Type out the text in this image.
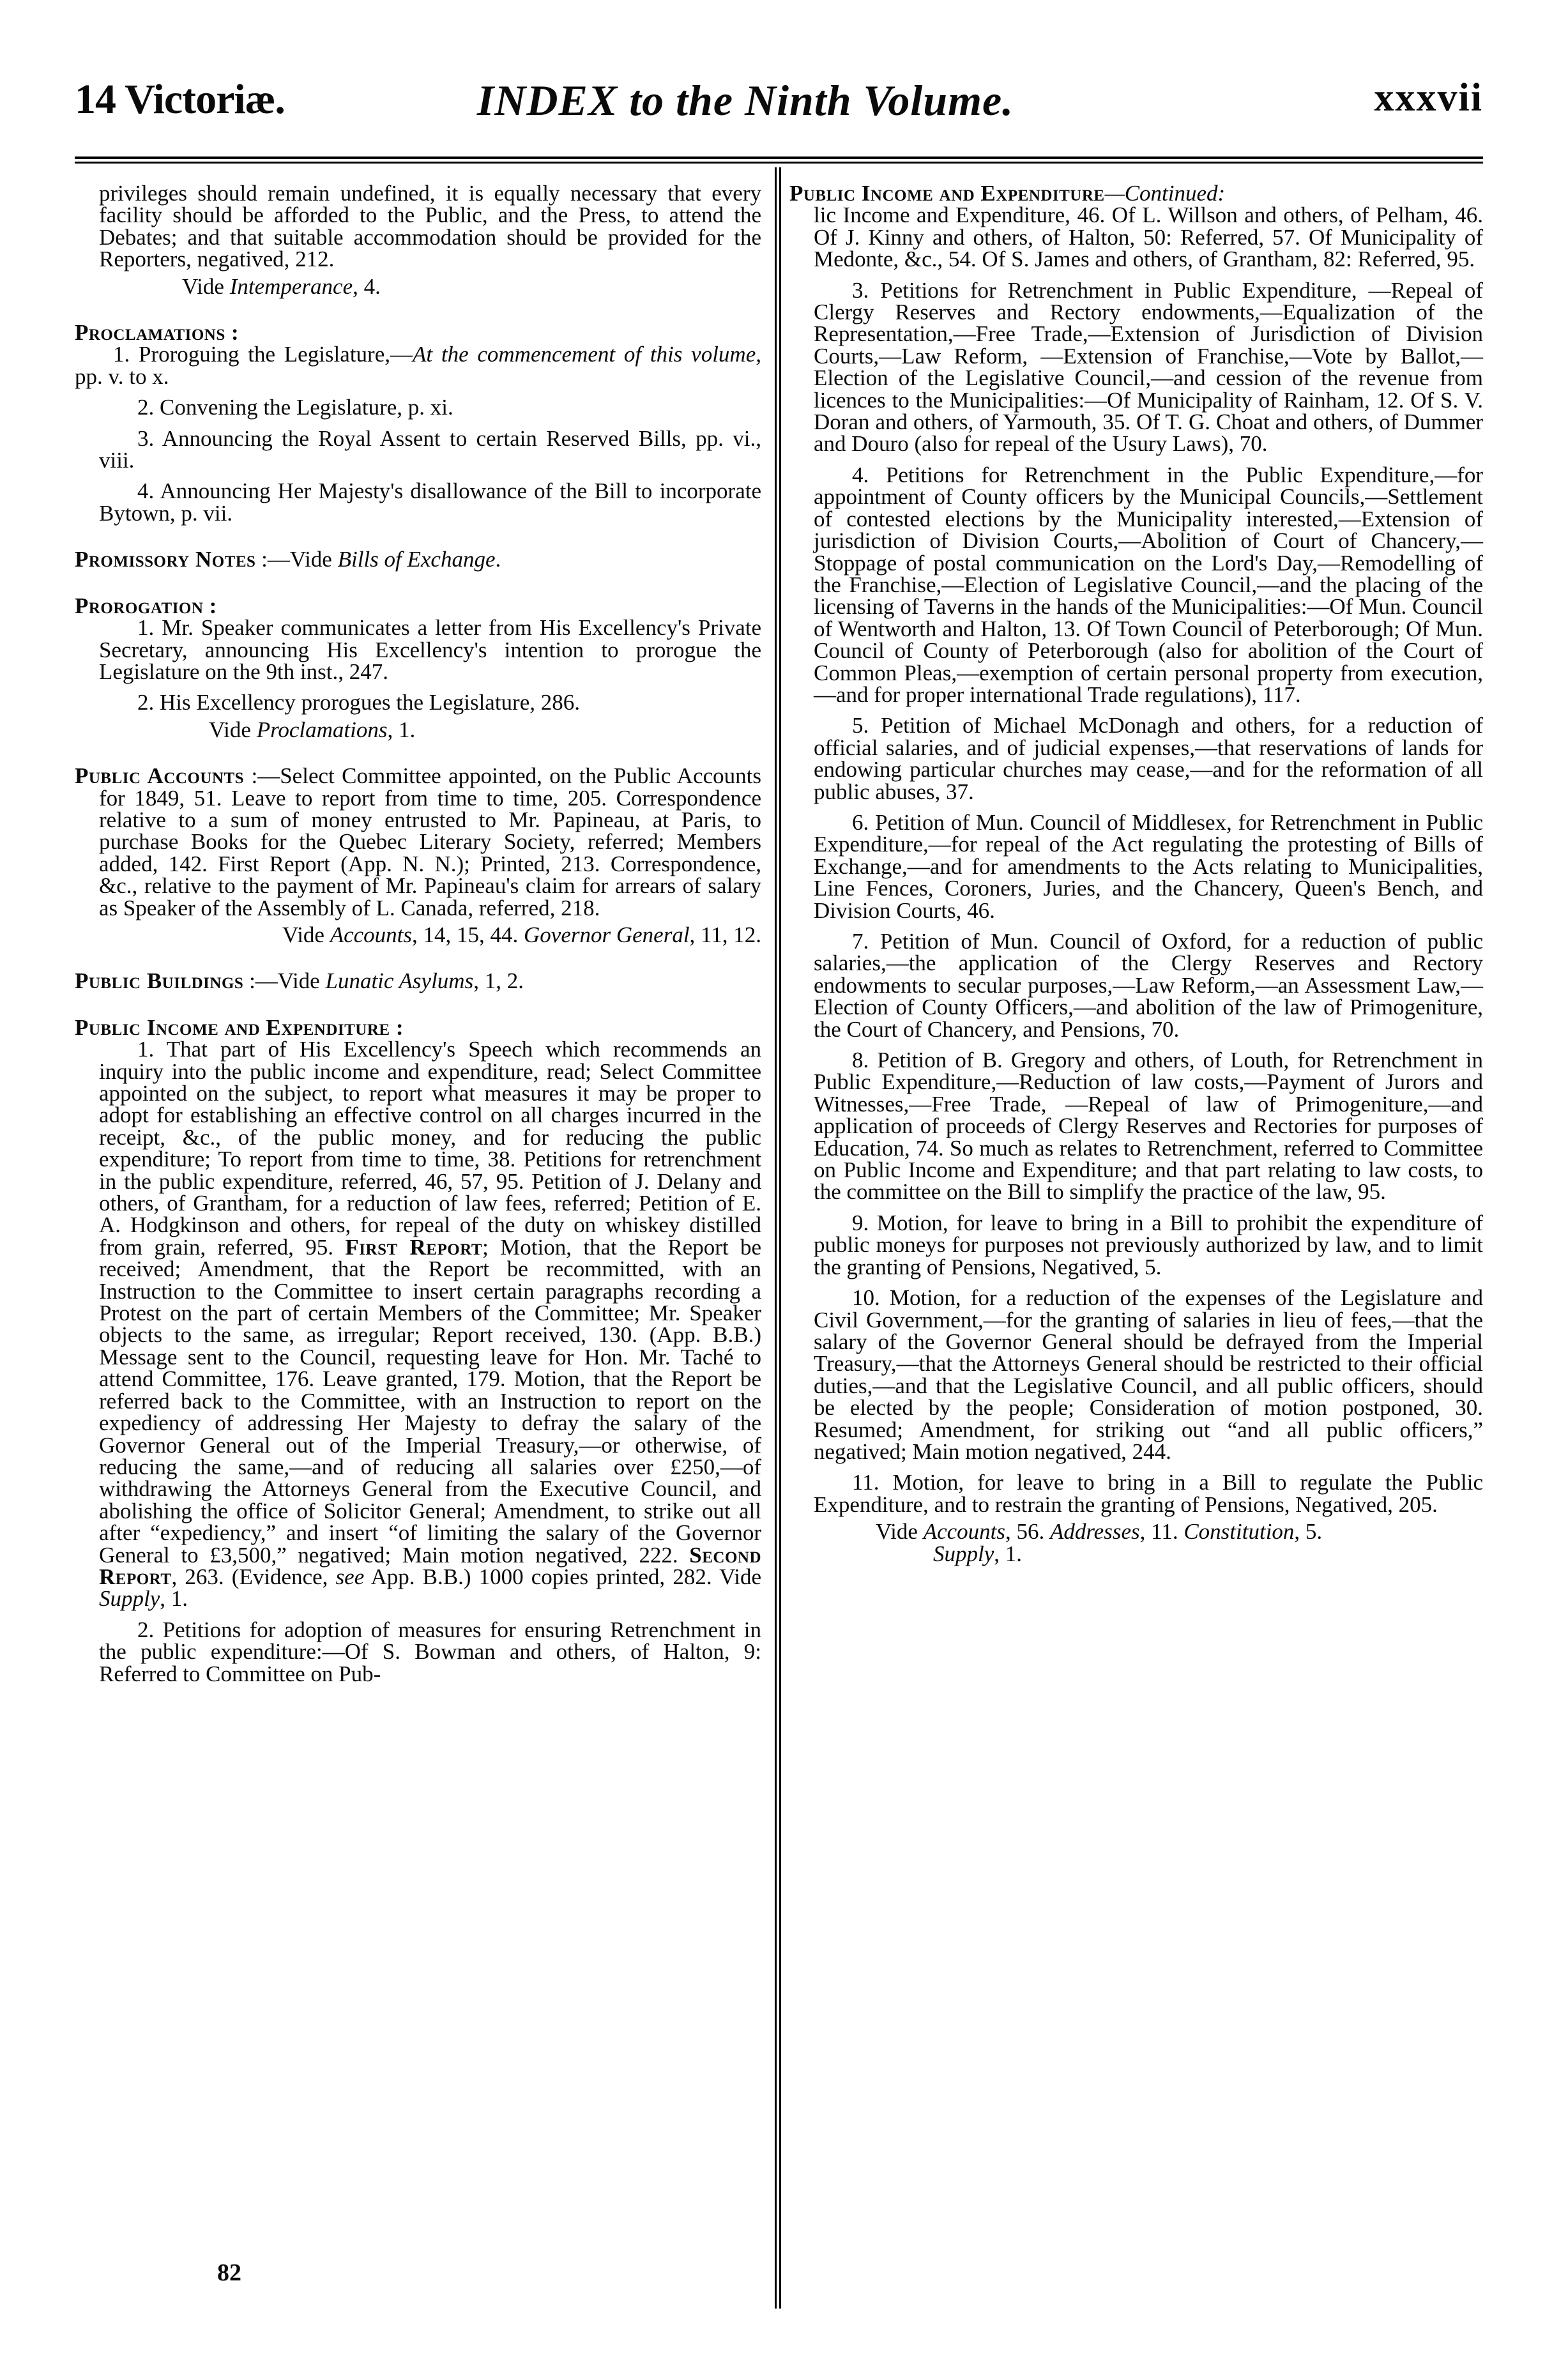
14 Victoriæ.	INDEX to the Ninth Volume.	xxxvii

privileges should remain undefined, it is equally necessary that every facility should be afforded to the Public, and the Press, to attend the Debates; and that suitable accommodation should be provided for the Reporters, negatived, 212.

Vide Intemperance, 4.

Proclamations :

1. Proroguing the Legislature,—At the commencement of this volume, pp. v. to x.

2. Convening the Legislature, p. xi.

3. Announcing the Royal Assent to certain Reserved Bills, pp. vi., viii.

4. Announcing Her Majesty's disallowance of the Bill to incorporate Bytown, p. vii.

Promissory Notes :—Vide Bills of Exchange.

Prorogation :

1. Mr. Speaker communicates a letter from His Excellency's Private Secretary, announcing His Excellency's intention to prorogue the Legislature on the 9th inst., 247.

2. His Excellency prorogues the Legislature, 286.

Vide Proclamations, 1.

Public Accounts :—Select Committee appointed, on the Public Accounts for 1849, 51. Leave to report from time to time, 205. Correspondence relative to a sum of money entrusted to Mr. Papineau, at Paris, to purchase Books for the Quebec Literary Society, referred; Members added, 142. First Report (App. N. N.); Printed, 213. Correspondence, &c., relative to the payment of Mr. Papineau's claim for arrears of salary as Speaker of the Assembly of L. Canada, referred, 218.

Vide Accounts, 14, 15, 44. Governor General, 11, 12.

Public Buildings :—Vide Lunatic Asylums, 1, 2.

Public Income and Expenditure :

1. That part of His Excellency's Speech which recommends an inquiry into the public income and expenditure, read; Select Committee appointed on the subject, to report what measures it may be proper to adopt for establishing an effective control on all charges incurred in the receipt, &c., of the public money, and for reducing the public expenditure; To report from time to time, 38. Petitions for retrenchment in the public expenditure, referred, 46, 57, 95. Petition of J. Delany and others, of Grantham, for a reduction of law fees, referred; Petition of E. A. Hodgkinson and others, for repeal of the duty on whiskey distilled from grain, referred, 95. First Report; Motion, that the Report be received; Amendment, that the Report be recommitted, with an Instruction to the Committee to insert certain paragraphs recording a Protest on the part of certain Members of the Committee; Mr. Speaker objects to the same, as irregular; Report received, 130. (App. B.B.) Message sent to the Council, requesting leave for Hon. Mr. Taché to attend Committee, 176. Leave granted, 179. Motion, that the Report be referred back to the Committee, with an Instruction to report on the expediency of addressing Her Majesty to defray the salary of the Governor General out of the Imperial Treasury,—or otherwise, of reducing the same,—and of reducing all salaries over £250,—of withdrawing the Attorneys General from the Executive Council, and abolishing the office of Solicitor General; Amendment, to strike out all after “expediency,” and insert “of limiting the salary of the Governor General to £3,500,” negatived; Main motion negatived, 222. Second Report, 263. (Evidence, see App. B.B.) 1000 copies printed, 282. Vide Supply, 1.

2. Petitions for adoption of measures for ensuring Retrenchment in the public expenditure:—Of S. Bowman and others, of Halton, 9: Referred to Committee on Pub-

82

Public Income and Expenditure—Continued:

lic Income and Expenditure, 46. Of L. Willson and others, of Pelham, 46. Of J. Kinny and others, of Halton, 50: Referred, 57. Of Municipality of Medonte, &c., 54. Of S. James and others, of Grantham, 82: Referred, 95.

3. Petitions for Retrenchment in Public Expenditure, —Repeal of Clergy Reserves and Rectory endowments,—Equalization of the Representation,—Free Trade,—Extension of Jurisdiction of Division Courts,—Law Reform, —Extension of Franchise,—Vote by Ballot,—Election of the Legislative Council,—and cession of the revenue from licences to the Municipalities:—Of Municipality of Rainham, 12. Of S. V. Doran and others, of Yarmouth, 35. Of T. G. Choat and others, of Dummer and Douro (also for repeal of the Usury Laws), 70.

4. Petitions for Retrenchment in the Public Expenditure,—for appointment of County officers by the Municipal Councils,—Settlement of contested elections by the Municipality interested,—Extension of jurisdiction of Division Courts,—Abolition of Court of Chancery,—Stoppage of postal communication on the Lord's Day,—Remodelling of the Franchise,—Election of Legislative Council,—and the placing of the licensing of Taverns in the hands of the Municipalities:—Of Mun. Council of Wentworth and Halton, 13. Of Town Council of Peterborough; Of Mun. Council of County of Peterborough (also for abolition of the Court of Common Pleas,—exemption of certain personal property from execution,—and for proper international Trade regulations), 117.

5. Petition of Michael McDonagh and others, for a reduction of official salaries, and of judicial expenses,—that reservations of lands for endowing particular churches may cease,—and for the reformation of all public abuses, 37.

6. Petition of Mun. Council of Middlesex, for Retrenchment in Public Expenditure,—for repeal of the Act regulating the protesting of Bills of Exchange,—and for amendments to the Acts relating to Municipalities, Line Fences, Coroners, Juries, and the Chancery, Queen's Bench, and Division Courts, 46.

7. Petition of Mun. Council of Oxford, for a reduction of public salaries,—the application of the Clergy Reserves and Rectory endowments to secular purposes,—Law Reform,—an Assessment Law,—Election of County Officers,—and abolition of the law of Primogeniture, the Court of Chancery, and Pensions, 70.

8. Petition of B. Gregory and others, of Louth, for Retrenchment in Public Expenditure,—Reduction of law costs,—Payment of Jurors and Witnesses,—Free Trade, —Repeal of law of Primogeniture,—and application of proceeds of Clergy Reserves and Rectories for purposes of Education, 74. So much as relates to Retrenchment, referred to Committee on Public Income and Expenditure; and that part relating to law costs, to the committee on the Bill to simplify the practice of the law, 95.

9. Motion, for leave to bring in a Bill to prohibit the expenditure of public moneys for purposes not previously authorized by law, and to limit the granting of Pensions, Negatived, 5.

10. Motion, for a reduction of the expenses of the Legislature and Civil Government,—for the granting of salaries in lieu of fees,—that the salary of the Governor General should be defrayed from the Imperial Treasury,—that the Attorneys General should be restricted to their official duties,—and that the Legislative Council, and all public officers, should be elected by the people; Consideration of motion postponed, 30. Resumed; Amendment, for striking out “and all public officers,” negatived; Main motion negatived, 244.

11. Motion, for leave to bring in a Bill to regulate the Public Expenditure, and to restrain the granting of Pensions, Negatived, 205.

Vide Accounts, 56. Addresses, 11. Constitution, 5.
Supply, 1.
